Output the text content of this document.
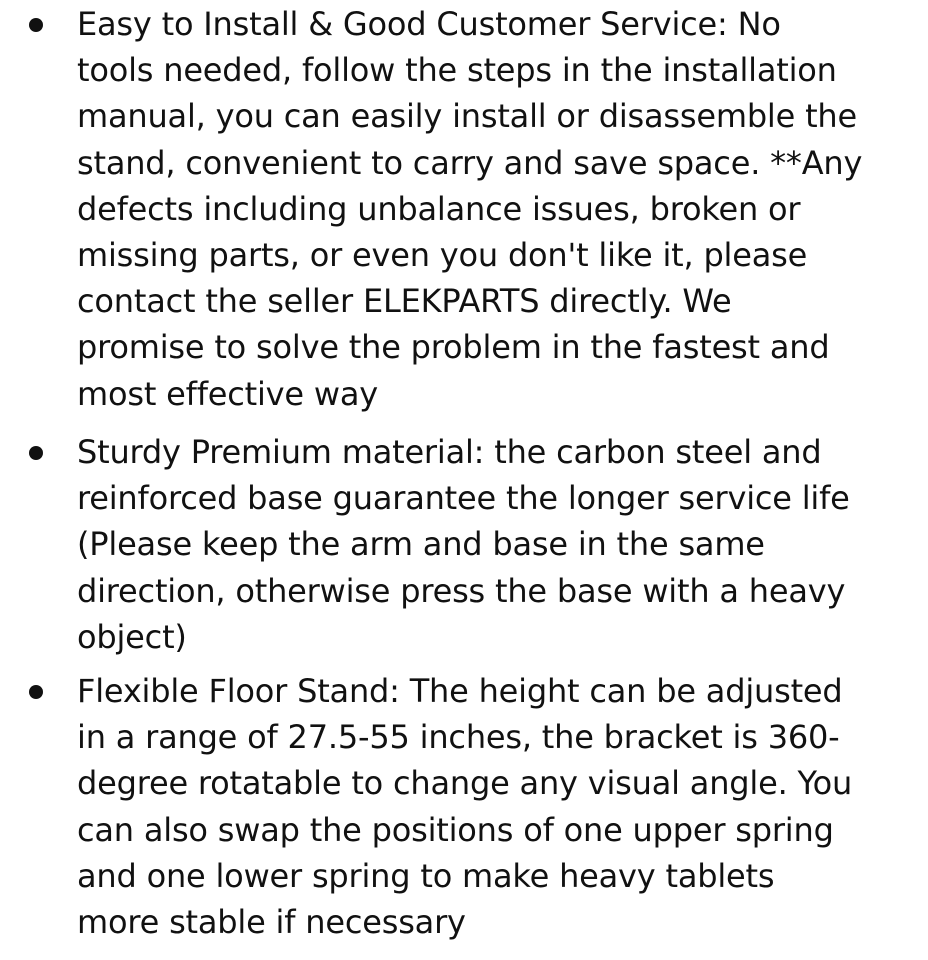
Easy to Install & Good Customer Service: No
tools needed, follow the steps in the installation
manual, you can easily install or disassemble the
stand, convenient to carry and save space. **Any
defects including unbalance issues, broken or
missing parts, or even you don't like it, please
contact the seller ELEKPARTS directly. We
promise to solve the problem in the fastest and
most effective way

Sturdy Premium material: the carbon steel and
reinforced base guarantee the longer service life
(Please keep the arm and base in the same
direction, otherwise press the base with a heavy
object)

Flexible Floor Stand: The height can be adjusted
in a range of 27.5-55 inches, the bracket is 360-
degree rotatable to change any visual angle. You
can also swap the positions of one upper spring
and one lower spring to make heavy tablets
more stable if necessary
